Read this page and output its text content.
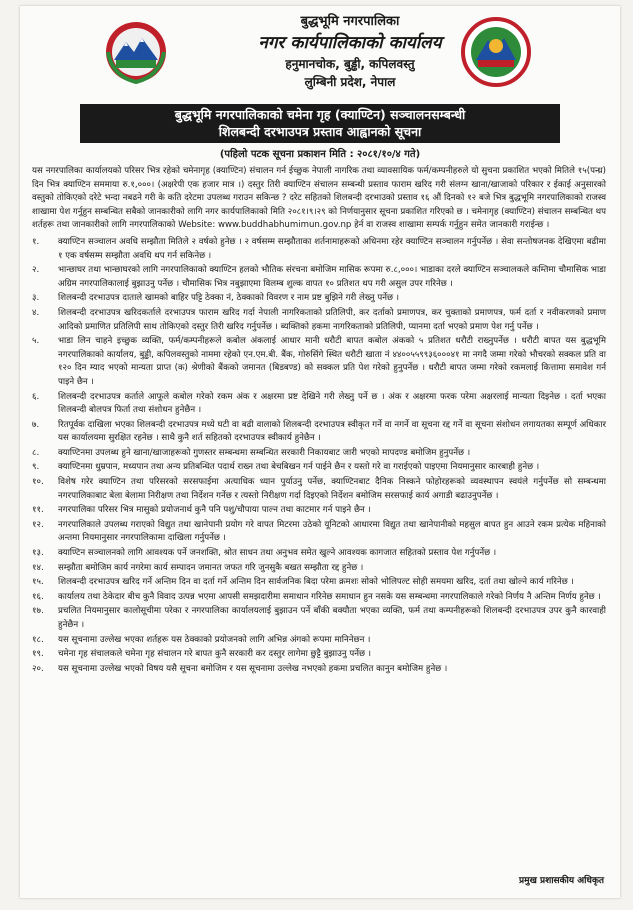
बुद्धभूमि नगरपालिका
नगर कार्यपालिकाको कार्यालय
हनुमानचोक, बुड्ढी, कपिलवस्तु
लुम्बिनी प्रदेश, नेपाल
बुद्धभूमि नगरपालिकाको चमेना गृह (क्याण्टिन) सञ्चालनसम्बन्धी
शिलबन्दी दरभाउपत्र प्रस्ताव आह्वानको सूचना
(पहिलो पटक सूचना प्रकाशन मिति : २०८१/१०/४ गते)
यस नगरपालिका कार्यालयको परिसर भित्र रहेको चमेनागृह (क्याण्टिन) संचालन गर्न ईच्छुक नेपाली नागरिक तथा व्यावसायिक फर्म/कम्पनीहरुले यो सुचना प्रकाशित भएको मितिले १५(पन्ध्र) दिन भित्र क्याण्टिन सममाया रु.१,०००। (अक्षरेपी एक हजार मात्र ।) दस्तुर तिरी क्याण्टिन संचालन सम्बन्धी प्रस्ताव फाराम खरिद गरी संलग्न खाना/खाजाको परिकार र ईकाई अनुसारको वस्तुको तोकिएको दरेटे भन्दा नबढने गरी के कति दरेटमा उपलब्ध गराउन सकिन्छ ? दरेट सहितको शिलबन्दी दरभाउको प्रस्ताव १६ औं दिनको १२ बजे भित्र बुद्धभूमि नगरपालिकाको राजस्व शाखामा पेश गर्नुहुन सम्बन्धित सबैको जानकारीको लागि नगर कार्यपालिकाको मिति २०८१।९।२९ को निर्णयानुसार सूचना प्रकाशित गरिएको छ । चमेनागृह (क्याण्टिन) संचालन सम्बन्धित थप शर्तहरू तथा जानकारीको लागि नगरपालिकाको Website: www.buddhabhumimun.gov.np हेर्न वा राजस्व शाखामा सम्पर्क गर्नुहुन समेत जानकारी गराईन्छ ।
१.	क्याण्टिन सञ्चालन अवधि सम्झौता मितिले २ वर्षको हुनेछ । २ वर्षसम्म सम्झौताका शर्तनामाहरूको अधिनमा रहेर क्याण्टिन सञ्चालन गर्नुपर्नेछ । सेवा सन्तोषजनक देखिएमा बढीमा १ एक वर्षसम्म सम्झौता अवधि थप गर्न सकिनेछ ।
२.	भान्छाघर तथा भान्छाघरको लागि नगरपालिकाको क्याण्टिन हलको भौतिक संरचना बमोजिम मासिक रूपमा रु.८,०००। भाडाका दरले क्याण्टिन सञ्चालकले कम्तिमा चौमासिक भाडा अग्रिम नगरपालिकालाई बुझाउनु पर्नेछ । चौमासिक भित्र नबुझाएमा विलम्ब शुल्क वापत १० प्रतिशत थप गरी असुल उपर गरिनेछ ।
३.	शिलबन्दी दरभाउपत्र दाताले खामको बाहिर पट्टि ठेक्का नं, ठेक्काको विवरण र नाम प्रष्ट बुझिने गरी लेख्नु पर्नेछ ।
४.	शिलबन्दी दरभाउपत्र खरिदकर्ताले दरभाउपत्र फाराम खरिद गर्दा नेपाली नागरिकताको प्रतिलिपी, कर दर्ताको प्रमाणपत्र, कर चुक्ताको प्रमाणपत्र, फर्म दर्ता र नवीकरणको प्रमाण आदिको प्रमाणित प्रतिलिपी साथ तोकिएको दस्तुर तिरी खरिद गर्नुपर्नेछ । ब्यक्तिको हकमा नागरिकताको प्रतिलिपी, प्यानमा दर्ता भएको प्रमाण पेश गर्नु पर्नेछ ।
५.	भाडा लिन चाहने इच्छुक व्यक्ति, फर्म/कम्पनीहरूले कबोल अंकलाई आधार मानी धरौटी बापत कबोल अंकको ५ प्रतिशत धरौटी राख्नुपर्नेछ । धरौटी बापत यस बुद्धभूमि नगरपालिकाको कार्यालय, बुड्ढी, कपिलवस्तुको नाममा रहेको एन.एम.बी. बैंक, गोरुसिंगे स्थित धरौटी खाता नं ४४००५५९९३६०००४१ मा नगदै जम्मा गरेको भौचरको सक्कल प्रति वा १२० दिन म्याद भएको मान्यता प्राप्त (क) श्रेणीको बैंकको जमानत (बिडबण्ड) को सक्कल प्रति पेश गरेको हुनुपर्नेछ । धरौटी बापत जम्मा गरेको रकमलाई कित्तामा समावेश गर्न पाइने छैन ।
६.	शिलबन्दी दरभाउपत्र कर्ताले आफूले कबोल गरेको रकम अंक र अक्षरमा प्रष्ट देखिने गरी लेख्नु पर्ने छ । अंक र अक्षरमा फरक परेमा अक्षरलाई मान्यता दिइनेछ । दर्ता भएका शिलबन्दी बोलपत्र फिर्ता तथा संशोधन हुनेछैन ।
७.	रितपूर्वक दाखिला भएका शिलबन्दी दरभाउपत्र मध्ये घटी वा बढी वालाको शिलबन्दी दरभाउपत्र स्वीकृत गर्ने वा नगर्ने वा सूचना रद्द गर्ने वा सूचना संशोधन लगायतका सम्पूर्ण अधिकार यस कार्यालयमा सुरक्षित रहनेछ । साथै कुनै शर्त सहितको दरभाउपत्र स्वीकार्य हुनेछैन ।
८.	क्याण्टिनमा उपलब्ध हुने खाना/खाजाहरूको गुणस्तर सम्बन्धमा सम्बन्धित सरकारी निकायबाट जारी भएको मापदण्ड बमोजिम हुनुपर्नेछ ।
९.	क्याण्टिनमा धुम्रपान, मध्यपान तथा अन्य प्रतिबन्धित पदार्थ राख्न तथा बेचबिखन गर्न पाईने छैन र यस्तो गरे वा गराईएको पाइएमा नियमानुसार कारबाही हुनेछ ।
१०.	विशेष गरेर क्याण्टिन तथा परिसरको सरसफाईमा अत्याधिक ध्यान पुर्याउनु पर्नेछ, क्याण्टिनबाट दैनिक निस्कने फोहोरहरूको व्यवस्थापन स्वयंले गर्नुपर्नेछ सो सम्बन्धमा नगरपालिकाबाट बेला बेलामा निरीक्षण तथा निर्देशन गर्नेछ र त्यस्तो निरीक्षण गर्दा दिइएको निर्देशन बमोजिम सरसफाई कार्य अगाडी बढाउनुपर्नेछ ।
११.	नगरपालिका परिसर भित्र मासुको प्रयोजनार्थ कुनै पनि पशु/चौपाया पाल्न तथा काटमार गर्न पाइने छैन ।
१२.	नगरपालिकाले उपलब्ध गराएको विद्युत तथा खानेपानी प्रयोग गरे वापत मिटरमा उठेको यूनिटको आधारमा विद्युत तथा खानेपानीको महसुल बापत हुन आउने रकम प्रत्येक महिनाको अन्तमा नियमानुसार नगरपालिकामा दाखिला गर्नुपर्नेछ ।
१३.	क्याण्टिन सञ्चालनको लागि आवश्यक पर्ने जनशक्ति, श्रोत साधन तथा अनुभव समेत खुल्ने आवश्यक कागजात सहितको प्रस्ताव पेश गर्नुपर्नेछ ।
१४.	सम्झौता बमोजिम कार्य नगरेमा कार्य सम्पादन जमानत जफत गरि जुनसुकै बखत सम्झौता रद्द हुनेछ ।
१५.	शिलबन्दी दरभाउपत्र खरिद गर्ने अन्तिम दिन वा दर्ता गर्ने अन्तिम दिन सार्वजनिक बिदा परेमा क्रमशः सोको भोलिपल्ट सोही समयमा खरिद, दर्ता तथा खोल्ने कार्य गरिनेछ ।
१६.	कार्यालय तथा ठेकेदार बीच कुनै विवाद उत्पन्न भएमा आपसी समझदारीमा समाधान गरिनेछ समाधान हुन नसके यस सम्बन्धमा नगरपालिकाले गरेको निर्णय नै अन्तिम निर्णय हुनेछ ।
१७.	प्रचलित नियमानुसार कालोसूचीमा परेका र नगरपालिका कार्यालयलाई बुझाउन पर्ने बाँकी बक्यौता भएका व्यक्ति, फर्म तथा कम्पनीहरूको शिलबन्दी दरभाउपत्र उपर कुनै कारवाही हुनेछैन ।
१८.	यस सूचनामा उल्लेख भएका शर्तहरू यस ठेक्काको प्रयोजनको लागि अभिन्न अंगको रूपमा मानिनेछन ।
१९.	चमेना गृह संचालकले चमेना गृह संचालन गरे बापत कुनै सरकारी कर दस्तुर लागेमा छुट्टै बुझाउनु पर्नेछ ।
२०.	यस सूचनामा उल्लेख भएको विषय यसै सूचना बमोजिम र यस सूचनामा उल्लेख नभएको हकमा प्रचलित कानुन बमोजिम हुनेछ ।
प्रमुख प्रशासकीय अधिकृत
